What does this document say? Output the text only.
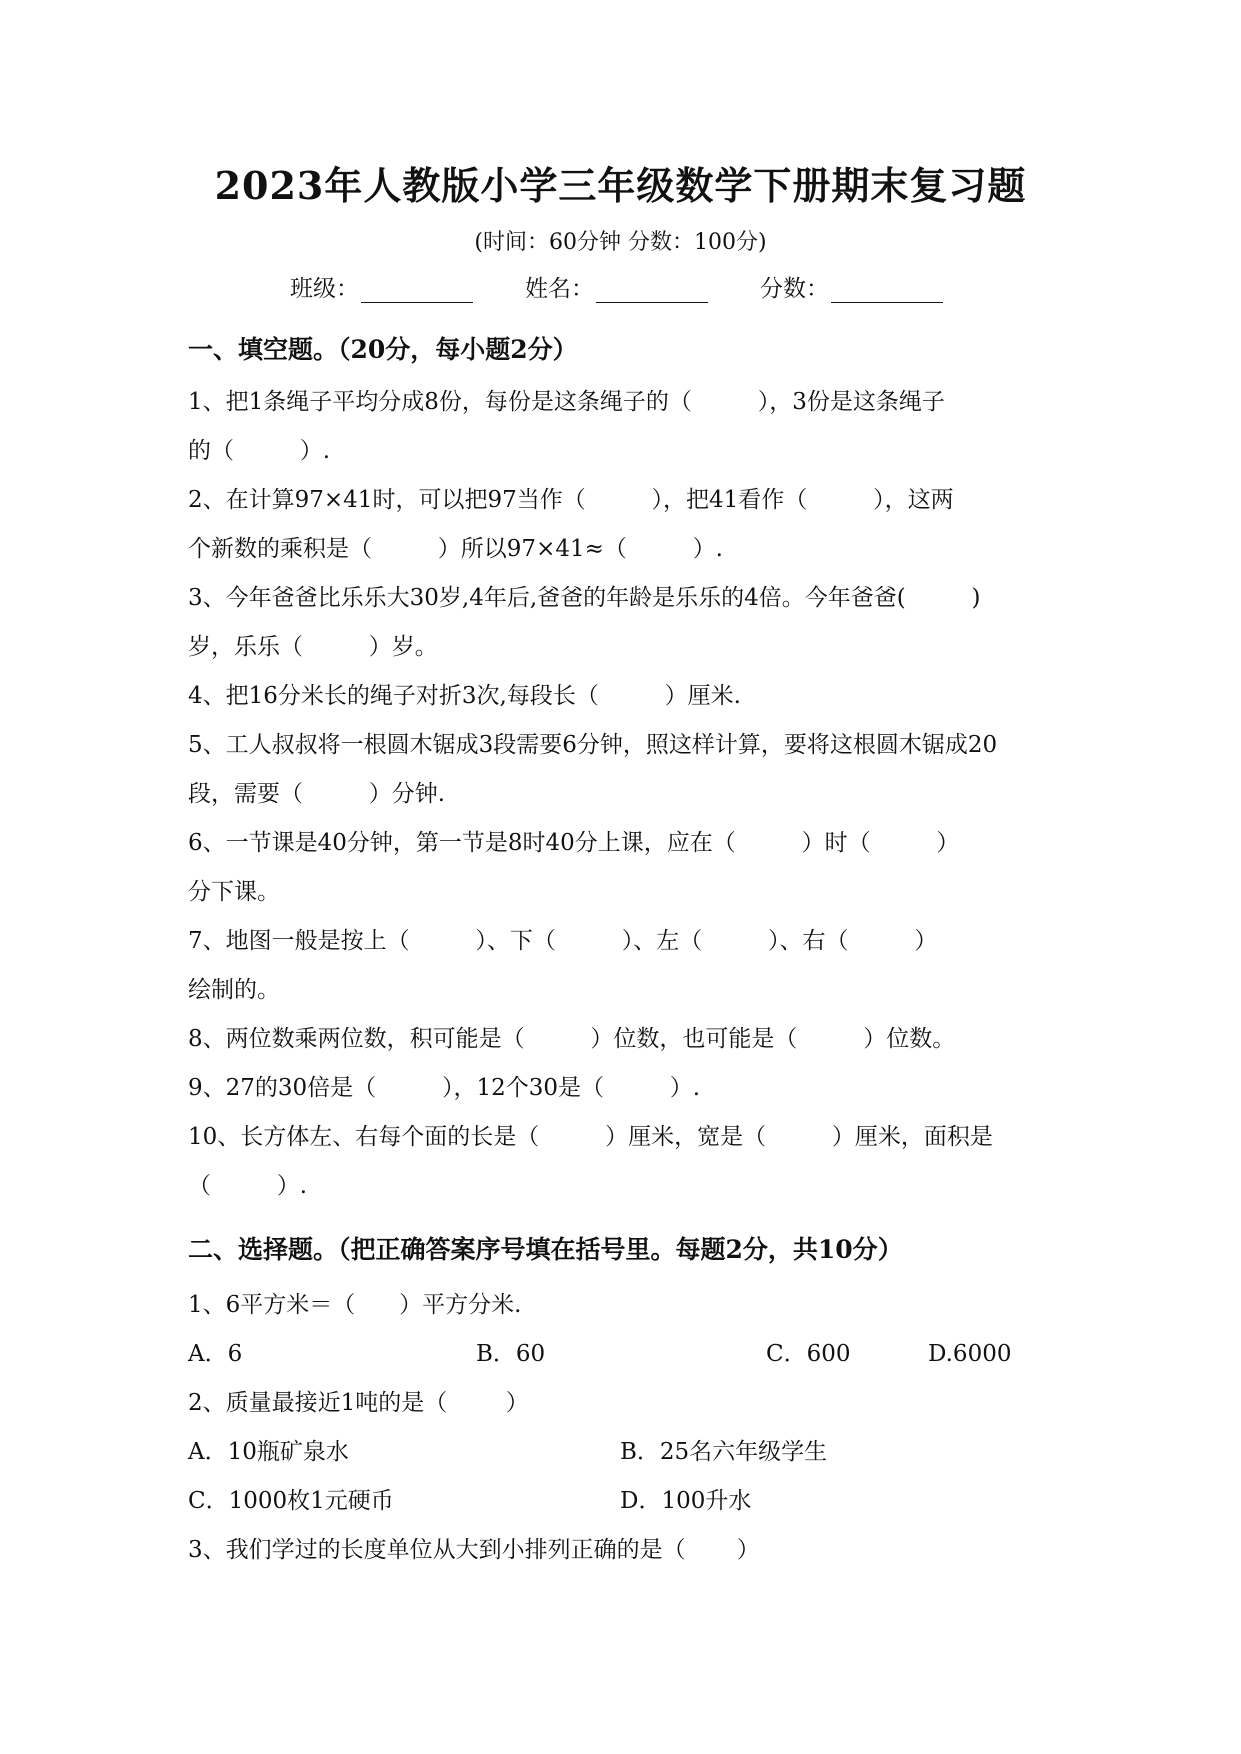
2023年人教版小学三年级数学下册期末复习题
(时间：60分钟 分数：100分)
班级：	姓名：	分数：
一、填空题。（20分，每小题2分）
1、把1条绳子平均分成8份，每份是这条绳子的（         ），3份是这条绳子
的（         ）.
2、在计算97×41时，可以把97当作（         ），把41看作（         ），这两
个新数的乘积是（         ）所以97×41≈（         ）.
3、今年爸爸比乐乐大30岁,4年后,爸爸的年龄是乐乐的4倍。今年爸爸(         )
岁，乐乐（         ）岁。
4、把16分米长的绳子对折3次,每段长（         ）厘米.
5、工人叔叔将一根圆木锯成3段需要6分钟，照这样计算，要将这根圆木锯成20
段，需要（         ）分钟.
6、一节课是40分钟，第一节是8时40分上课，应在（         ）时（         ）
分下课。
7、地图一般是按上（         ）、下（         ）、左（         ）、右（         ）
绘制的。
8、两位数乘两位数，积可能是（         ）位数，也可能是（         ）位数。
9、27的30倍是（         ），12个30是（         ）.
10、长方体左、右每个面的长是（         ）厘米，宽是（         ）厘米，面积是
（         ）.
二、选择题。（把正确答案序号填在括号里。每题2分，共10分）
1、6平方米＝（      ）平方分米.
A．6	B．60	C．600	D.6000
2、质量最接近1吨的是（        ）
A．10瓶矿泉水	B．25名六年级学生
C．1000枚1元硬币	D．100升水
3、我们学过的长度单位从大到小排列正确的是（       ）
